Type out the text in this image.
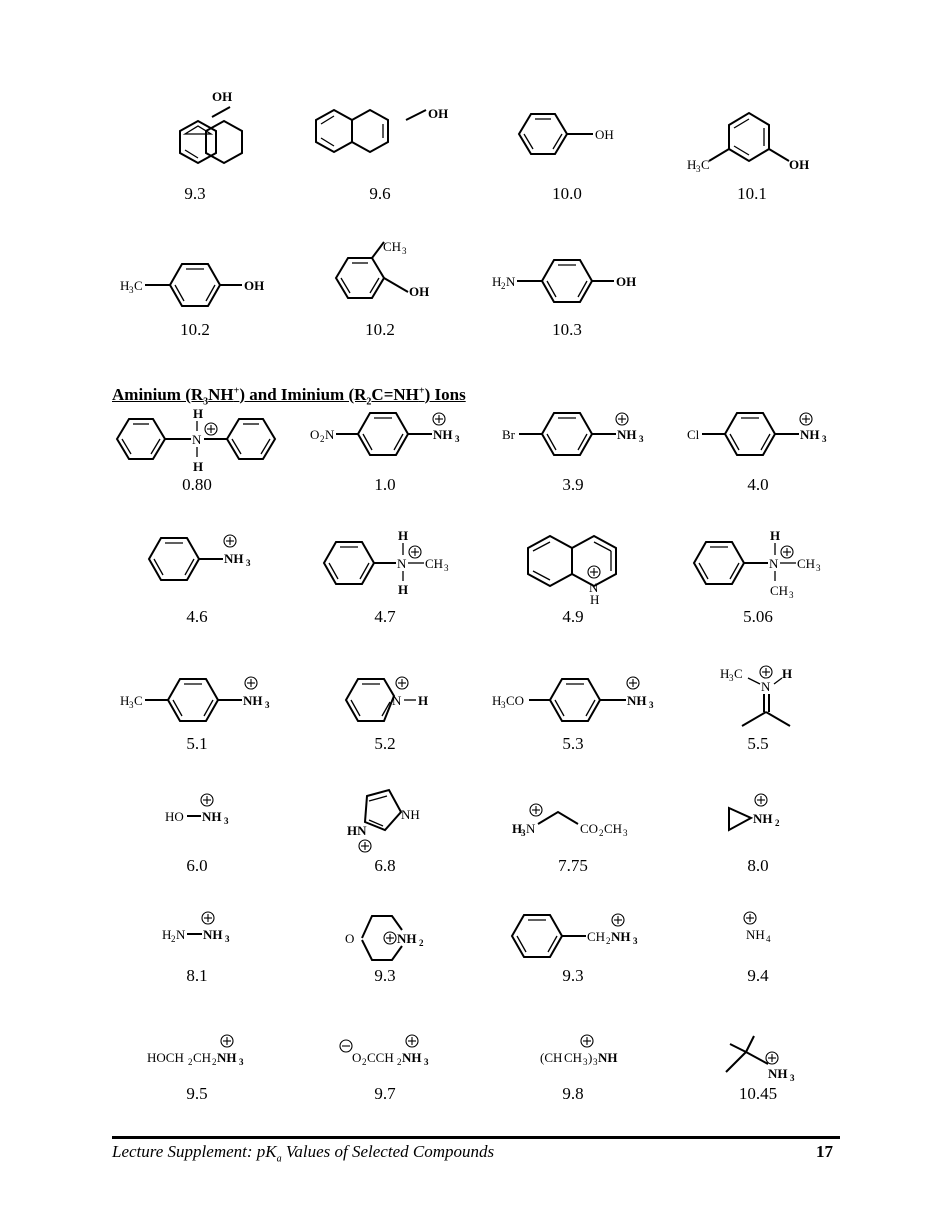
OH
9.3
OH
9.6
OH
10.0
H 3 C	OH
10.1
H 3 C	OH
10.2
CH 3
OH
10.2
H 2 N	OH
10.3
Aminium $(R_3NH^+)$ and Iminium $(R_2C=NH^+)$ Ions
N
H
H
0.80
O 2 N	NH 3
1.0
Br	NH 3
3.9
Cl	NH 3
4.0
NH 3
4.6
N
H
H
CH 3
4.7
N
H
4.9
N
H
CH 3
CH 3
5.06
H 3 C	NH 3
5.1
N H
5.2
H 3 CO	NH 3
5.3
H 3 C	H
N
5.5
HO NH 3
6.0
NH
HN
6.8
H
3 N	CO 2 CH 3
7.75
NH 2
8.0
H 2 N NH 3
8.1
O	NH 2
9.3
CH 2 NH 3
9.3
NH 4
9.4
HOCH 2 CH 2 NH 3
9.5
O 2 CCH 2 NH 3
9.7
(CH CH 3 ) 3 NH
9.8
NH 3
10.45
Lecture Supplement: $pK_a$ Values of Selected Compounds	17
